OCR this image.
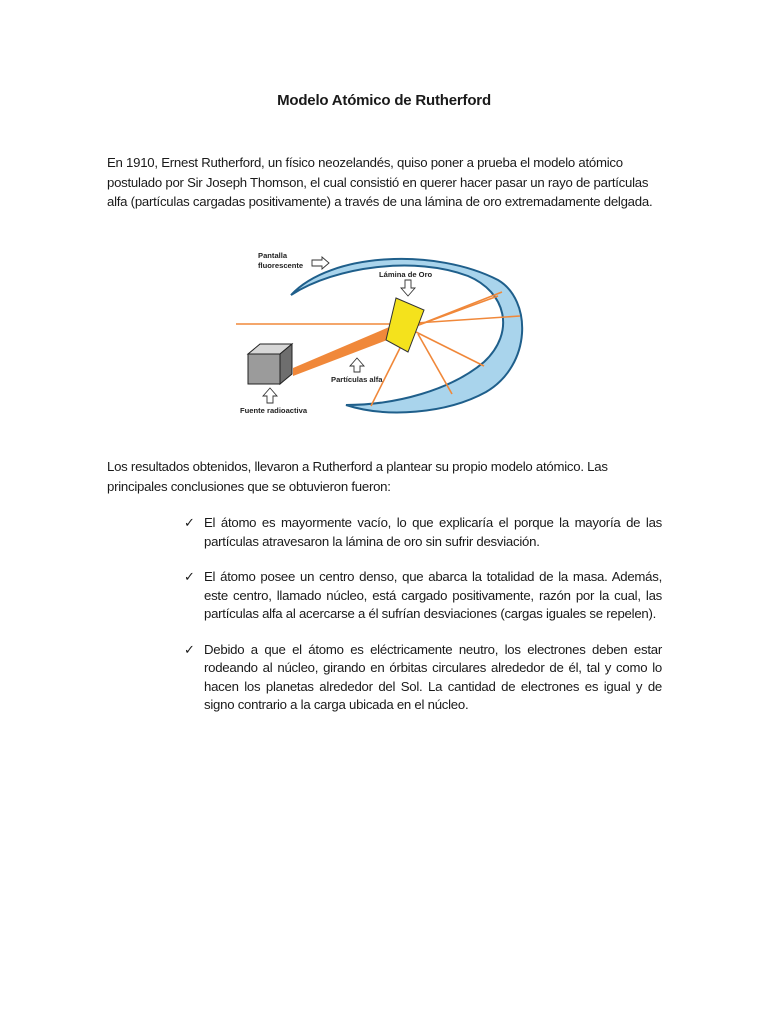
Modelo Atómico de Rutherford

En 1910, Ernest Rutherford, un físico neozelandés, quiso poner a prueba el modelo atómico postulado por Sir Joseph Thomson, el cual consistió en querer hacer pasar un rayo de partículas alfa (partículas cargadas positivamente) a través de una lámina de oro extremadamente delgada.

Pantalla
fluorescente
Lámina de Oro
Partículas alfa
Fuente radioactiva

Los resultados obtenidos, llevaron a Rutherford a plantear su propio modelo atómico. Las principales conclusiones que se obtuvieron fueron:

✓ El átomo es mayormente vacío, lo que explicaría el porque la mayoría de las partículas atravesaron la lámina de oro sin sufrir desviación.
✓ El átomo posee un centro denso, que abarca la totalidad de la masa. Además, este centro, llamado núcleo, está cargado positivamente, razón por la cual, las partículas alfa al acercarse a él sufrían desviaciones (cargas iguales se repelen).
✓ Debido a que el átomo es eléctricamente neutro, los electrones deben estar rodeando al núcleo, girando en órbitas circulares alrededor de él, tal y como lo hacen los planetas alrededor del Sol. La cantidad de electrones es igual y de signo contrario a la carga ubicada en el núcleo.
